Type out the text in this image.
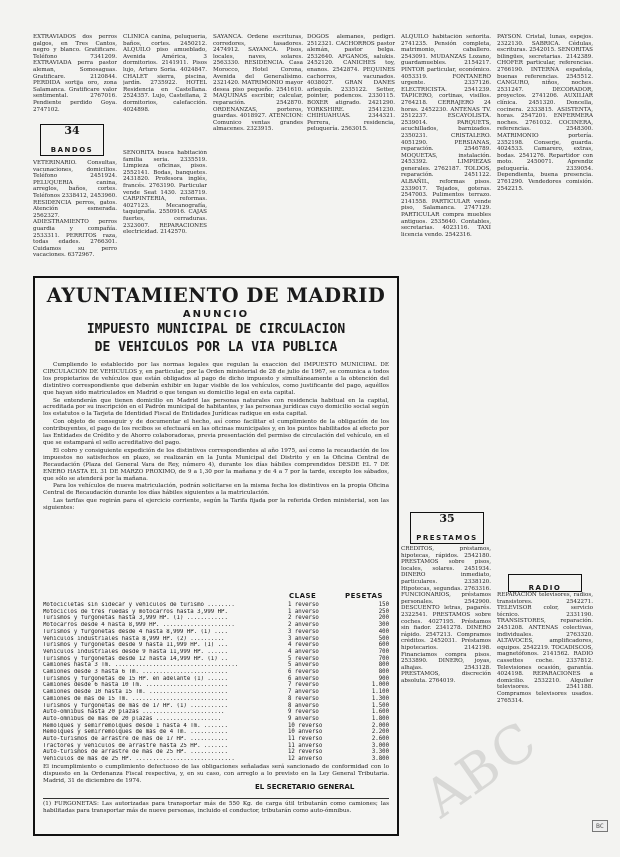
EXTRAVIADOS dos perros galgos, en Tres Cantos, negro y blanco. Gratificare. Teléfono 7341209. EXTRAVIADA perra pastor aleman, Somosaguas. Gratificare. 2120844. PERDIDA sortija oro, zona Salamanca. Gratificare valor sentimental. 2767016. Pendiente perdido Goya. 2747102.

34
BANDOS

VETERINARIO. Consultas, vacunaciones, domicilios. Teléfono 2451924. PELUQUERIA canina, arreglos, baños, cortes. Teléfonos 2338412, 2453960. RESIDENCIA perros, gatos. Atención esmerada. 2562327. ADIESTRAMIENTO perros guardia y compañía. 2533311. PERRITOS raza, todas edades. 2766301. Cuidamos su perro vacaciones. 6372967.

CLINICA canina, peluquería, baños, cortes. 2450212. ALQUILO piso amueblado, Avenida América, 3 dormitorios. 2141911. Pisos lujo, Arturo Soria. 4024847. CHALET sierra, piscina, jardín. 2735922. HOTEL Residencia en Castellana. 2524357. Lujo, Castellana, 2 dormitorios, calefacción. 4024898.

SENORITA busca habitación familia seria. 2335519. Limpieza oficinas, pisos. 2552141. Bodas, banquetes. 2431820. Profesora inglés, francés. 2763190. Particular vende Seat 1430. 2338719. CARPINTERIA, reformas. 4027123. Mecanografía, taquigrafía. 2550916. CAJAS fuertes, cerraduras. 2323007. REPARACIONES electricidad. 2142570.

SAYANCA. Ordene escrituras, corredores, tasadores. 2474912. SAYANCA. Pisos, locales, naves, solares. 2563330. RESIDENCIA. Casa Morocco, Hotel Corona, Avenida del Generalísimo. 2321420. MATRIMONIO mayor desea piso pequeño. 2541610. MAQUINAS escribir, calcular, reparación. 2542870. ORDENANZAS, porteros, guardas. 4018927. ATENCION: Comunico ventas grandes almacenes. 2323915.

DOGOS alemanes, pedigrí. 2512321. CACHORROS pastor alemán, pastor belga. 2532640. AFGANOS, salukis. 2452120. CANICHES toy, enanos. 2542874. PEQUINES cachorros, vacunados. 4038027. GRAN DANES arlequín. 2335122. Setter, pointer, podencos. 2330115. BOXER atigrado. 2421290. YORKSHIRE. 2541230. CHIHUAHUAS. 2344321. Perrera, residencia, peluquería. 2563015.

ALQUILO habitación señorita. 2741235. Pensión completa, matrimonio, caballero. 2543091. MUDANZAS Lozano, guardamuebles. 2154217. PINTOR particular, económico. 4053319. FONTANERO urgente. 2337126. ELECTRICISTA. 2541239. TAPICERO, cortinas, visillos. 2764218. CERRAJERO 24 horas. 2452230. ANTENAS TV. 2512237. ESCAYOLISTA. 2539014. PARQUETS, acuchillados, barnizados. 2350231. CRISTALERO. 4051290. PERSIANAS, reparación. 2546789. MOQUETAS, instalación. 2453392. LIMPIEZAS generales. 2762187. TOLDOS, reparación. 2451122. ALBAÑIL, reformas pisos. 2339017. Tejados, goteras. 2547003. Pulimentos terrazo. 2141558. PARTICULAR vende piso, Salamanca. 2747129. PARTICULAR compra muebles antiguos. 2535640. Contables, secretarias. 4023116. TAXI licencia vendo. 2542316.

35
PRESTAMOS

CREDITOS, préstamos, hipotecas, rápidos. 2542180. PRESTAMOS sobre pisos, locales, solares. 2451934. DINERO inmediato, particulares. 2338120. Hipotecas, segundas. 2763316. FUNCIONARIOS, préstamos personales. 2542900. DESCUENTO letras, pagarés. 2322541. PRESTAMOS sobre coches. 4027195. Préstamos sin fiador. 2341278. DINERO rápido. 2547213. Compramos créditos. 2452031. Préstamos hipotecarios. 2142198. Financiamos compra pisos. 2533890. DINERO, joyas, alhajas. 2543128. PRESTAMOS, discreción absoluta. 2764019.

PAYSON. Cristal, lunas, espejos. 2322130. SABRICA. Cédulas, escrituras. 2542015. SENORITAS bilingües, secretarias. 2142389. CHOFER particular, referencias. 2766190. INTERNA española, buenas referencias. 2545512. CANGURO, niños, noches. 2531247. DECORADOR, proyectos. 2741206. AUXILIAR clínica. 2451320. Doncella, cocinera. 2333815. ASISTENTA, horas. 2547201. ENFERMERA noches. 2761032. COCINERA, referencias. 2548300. MATRIMONIO portería. 2352198. Conserje, guarda. 4024533. Camarero, extras, bodas. 2541276. Repartidor con moto. 2450071. Aprendiz peluquería. 2339054. Dependienta, buena presencia. 2761290. Vendedores comisión. 2542215.

RADIO

REPARACION televisores, radios, transistores. 2542271. TELEVISOR color, servicio técnico. 2331190. TRANSISTORES, reparación. 2451208. ANTENAS colectivas, individuales. 2763320. ALTAVOCES, amplificadores, equipos. 2542219. TOCADISCOS, magnetófonos. 2141562. RADIO cassettes coche. 2337812. Televisiones ocasión, garantía. 4024198. REPARACIONES a domicilio. 2532210. Alquiler televisores. 2541188. Compramos televisores usados. 2765314.

AYUNTAMIENTO DE MADRID
ANUNCIO
IMPUESTO MUNICIPAL DE CIRCULACION
DE VEHICULOS POR LA VIA PUBLICA

Cumpliendo lo establecido por las normas legales que regulan la exacción del IMPUESTO MUNICIPAL DE CIRCULACION DE VEHICULOS y, en particular, por la Orden ministerial de 28 de julio de 1967, se comunica a todos los propietarios de vehículos que están obligados al pago de dicho impuesto y simultáneamente a la obtención del distintivo correspondiente que deberán exhibir en lugar visible de los vehículos, como justificante del pago, aquéllos que hayan sido matriculados en Madrid o que tengan su domicilio legal en esta capital.

Se entenderán que tienen domicilio en Madrid las personas naturales con residencia habitual en la capital, acreditada por su inscripción en el Padrón municipal de habitantes, y las personas jurídicas cuyo domicilio social según los estatutos o la Tarjeta de Identidad Fiscal de Entidades Jurídicas radique en esta capital.

Con objeto de conseguir y de documentar el hecho, así como facilitar el cumplimiento de la obligación de los contribuyentes, el pago de los recibos se efectuará en las oficinas municipales y, en los puntos habilitados al efecto por las Entidades de Crédito y de Ahorro colaboradoras, previa presentación del permiso de circulación del vehículo, en el que se estampará el sello acreditativo del pago.

El cobro y consiguiente expedición de los distintivos correspondientes al año 1975, así como la recaudación de los impuestos no satisfechos en plazo, se realizarán en la Junta Municipal del Distrito y en la Oficina Central de Recaudación (Plaza del General Vara de Rey, número 4), durante los días hábiles comprendidos DESDE EL 7 DE ENERO HASTA EL 31 DE MARZO PROXIMO, de 9 a 1,30 por la mañana y de 4 a 7 por la tarde, excepto los sábados, que sólo se atenderá por la mañana.

Para los vehículos de nueva matriculación, podrán solicitarse en la misma fecha los distintivos en la propia Oficina Central de Recaudación durante los días hábiles siguientes a la matriculación.

Las tarifas que regirán para el ejercicio corriente, según la Tarifa fijada por la referida Orden ministerial, son las siguientes:

CLASE	PESETAS
Motocicletas sin sidecar y vehículos de turismo ........	1 reverso	150
Motociclos de tres ruedas y motocarros hasta 3,999 HP.	1 anverso	250
Turismos y furgonetas hasta 3,999 HP. (1) ............	2 reverso	200
Motocarros desde 4 hasta 8,999 HP. .....................	2 anverso	300
Turismos y furgonetas desde 4 hasta 8,999 HP. (1) ....	3 reverso	400
Vehículos industriales hasta 8,999 HP. (2) ..........	3 anverso	500
Turismos y furgonetas desde 9 hasta 11,999 HP. (1) ...	4 reverso	600
Vehículos industriales desde 9 hasta 11,999 HP. ......	4 anverso	700
Turismos y furgonetas desde 12 hasta 14,999 HP. (1) ..	5 reverso	700
Camiones hasta 3 Tm. ....................................	5 anverso	800
Camiones desde 3 hasta 6 Tm. .........................	6 reverso	800
Turismos y furgonetas de 15 HP. en adelante (1) ......	6 anverso	900
Camiones desde 6 hasta 10 Tm. ........................	7 reverso	1.000
Camiones desde 10 hasta 15 Tm. .......................	7 anverso	1.100
Camiones de más de 15 Tm. ............................	8 reverso	1.300
Turismos y furgonetas de más de 17 HP. (1) ...........	8 anverso	1.500
Auto-ómnibus hasta 20 plazas ........................	9 reverso	1.600
Auto-ómnibus de más de 20 plazas ...................	9 anverso	1.800
Remolques y semirremolques desde 1 hasta 4 Tm. .......	10 reverso	2.000
Remolques y semirremolques de más de 4 Tm. ...........	10 anverso	2.200
Auto-turismos de arrastre de más de 17 HP. ...........	11 reverso	2.600
Tractores y vehículos de arrastre hasta 25 HP. .......	11 anverso	3.000
Auto-turismos de arrastre de más de 25 HP. ...........	12 reverso	3.300
Vehículos de más de 25 HP. .............................	12 anverso	3.800
El incumplimiento o cumplimiento defectuoso de las obligaciones señaladas será sancionado de conformidad con lo dispuesto en la Ordenanza Fiscal respectiva, y, en su caso, con arreglo a lo previsto en la Ley General Tributaria. Madrid, 31 de diciembre de 1974.
EL SECRETARIO GENERAL
(1) FURGONETAS: Las autorizadas para transportar más de 550 Kg. de carga útil tributarán como camiones; las habilitadas para transportar más de nueve personas, incluido el conductor, tributarán como auto-ómnibus.	ABC	BC
